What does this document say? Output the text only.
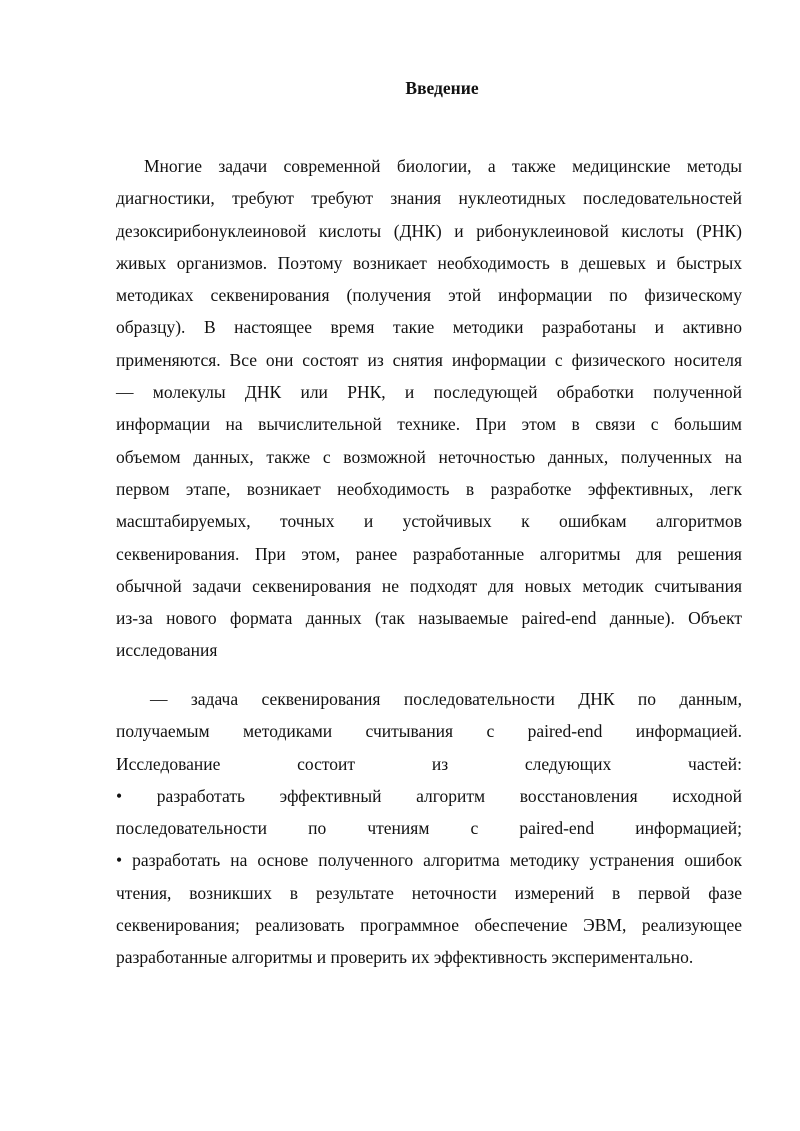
Введение
Многие задачи современной биологии, а также медицинские методы
диагностики, требуют требуют знания нуклеотидных последовательностей
дезоксирибонуклеиновой кислоты (ДНК) и рибонуклеиновой кислоты (РНК)
живых организмов. Поэтому возникает необходимость в дешевых и быстрых
методиках секвенирования (получения этой информации по физическому
образцу). В настоящее время такие методики разработаны и активно
применяются. Все они состоят из снятия информации с физического носителя
— молекулы ДНК или РНК, и последующей обработки полученной
информации на вычислительной технике. При этом в связи с большим
объемом данных, также с возможной неточностью данных, полученных на
первом этапе, возникает необходимость в разработке эффективных, легк
масштабируемых, точных и устойчивых к ошибкам алгоритмов
секвенирования. При этом, ранее разработанные алгоритмы для решения
обычной задачи секвенирования не подходят для новых методик считывания
из-за нового формата данных (так называемые paired-end данные). Объект
исследования
— задача секвенирования последовательности ДНК по данным,
получаемым методиками считывания с paired-end информацией.
Исследование состоит из следующих частей:
• разработать эффективный алгоритм восстановления исходной
последовательности по чтениям с paired-end информацией;
• разработать на основе полученного алгоритма методику устранения ошибок
чтения, возникших в результате неточности измерений в первой фазе
секвенирования; реализовать программное обеспечение ЭВМ, реализующее
разработанные алгоритмы и проверить их эффективность экспериментально.
